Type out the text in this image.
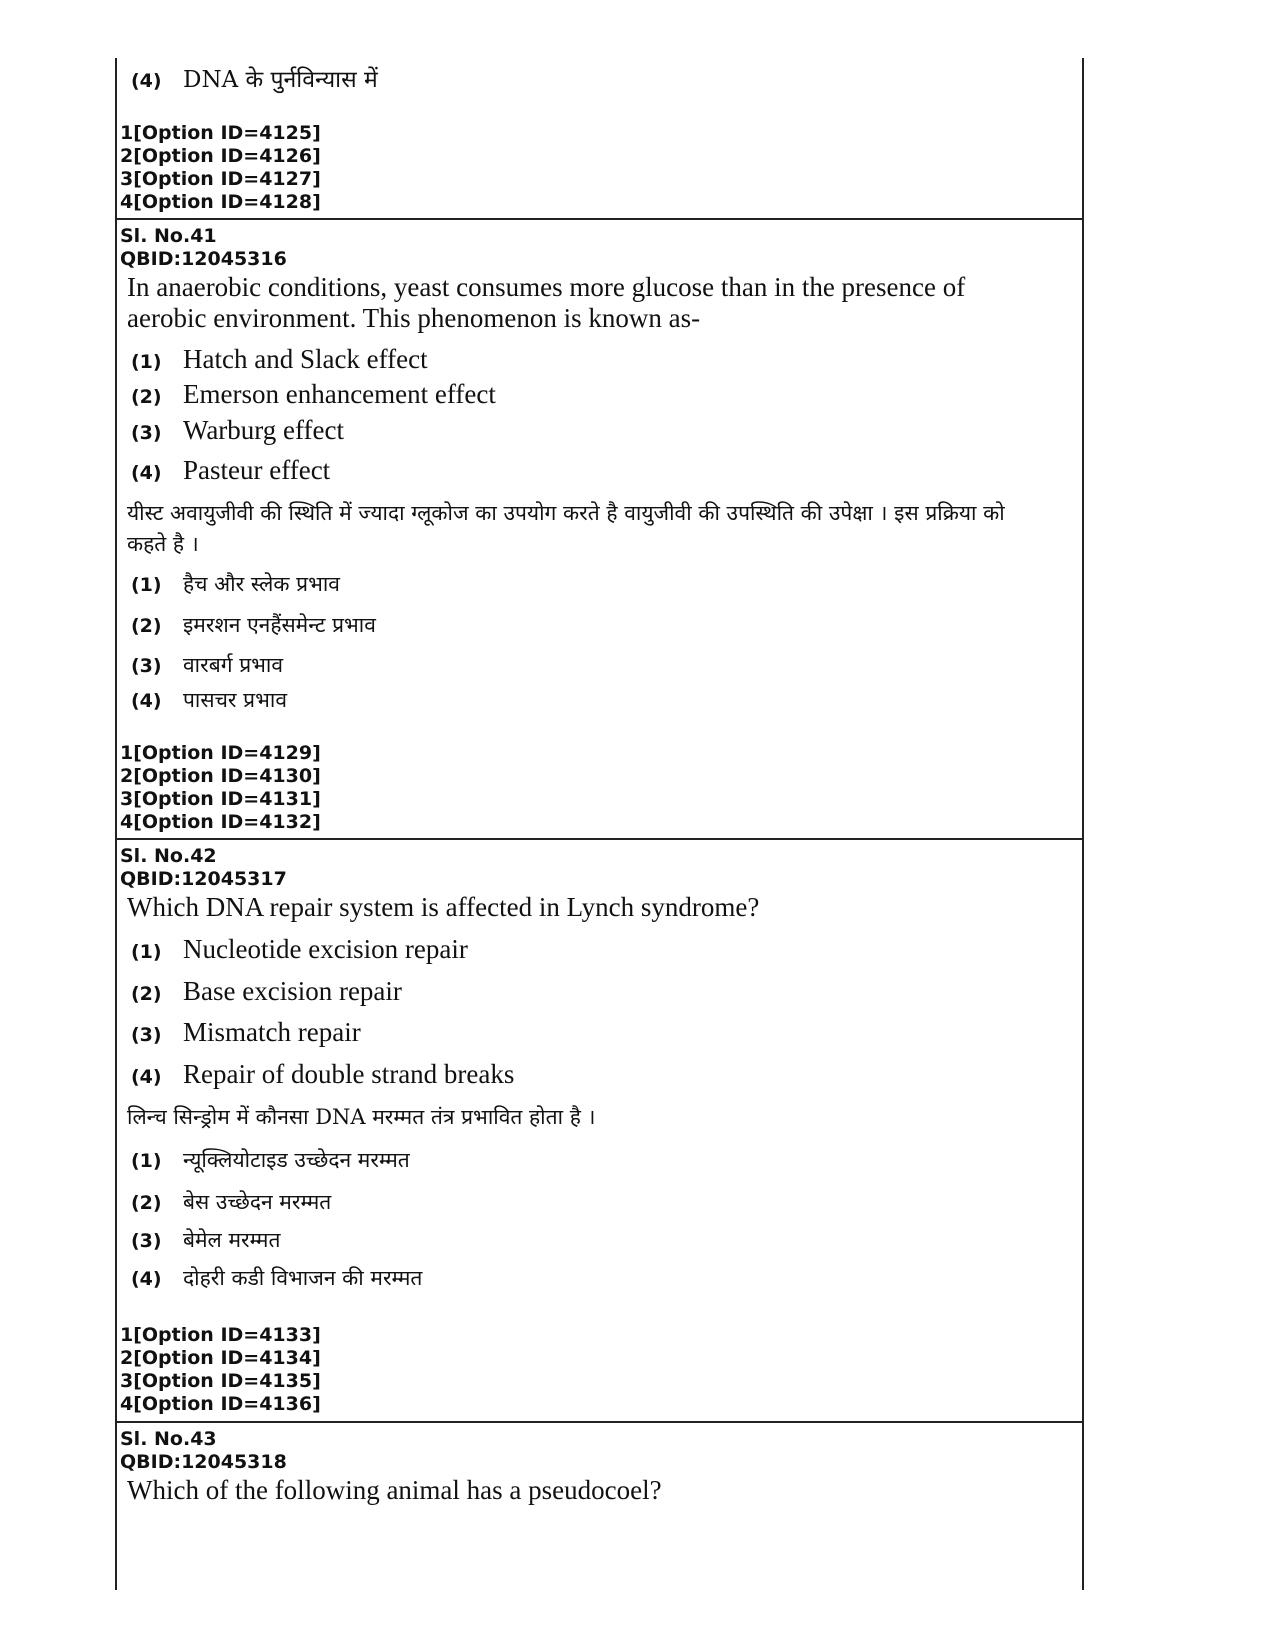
(4) DNA के पुर्नविन्यास में
1[Option ID=4125]
2[Option ID=4126]
3[Option ID=4127]
4[Option ID=4128]
Sl. No.41
QBID:12045316
In anaerobic conditions, yeast consumes more glucose than in the presence of aerobic environment. This phenomenon is known as-
(1) Hatch and Slack effect
(2) Emerson enhancement effect
(3) Warburg effect
(4) Pasteur effect
यीस्ट अवायुजीवी की स्थिति में ज्यादा ग्लूकोज का उपयोग करते है वायुजीवी की उपस्थिति की उपेक्षा । इस प्रक्रिया को कहते है ।
(1)	हैच और स्लेक प्रभाव
(2)	इमरशन एनहैंसमेन्ट प्रभाव
(3)	वारबर्ग प्रभाव
(4)	पासचर प्रभाव
1[Option ID=4129]
2[Option ID=4130]
3[Option ID=4131]
4[Option ID=4132]
Sl. No.42
QBID:12045317
Which DNA repair system is affected in Lynch syndrome?
(1) Nucleotide excision repair
(2) Base excision repair
(3) Mismatch repair
(4) Repair of double strand breaks
लिन्च सिन्ड्रोम में कौनसा DNA मरम्मत तंत्र प्रभावित होता है ।
(1)	न्यूक्लियोटाइड उच्छेदन मरम्मत
(2)	बेस उच्छेदन मरम्मत
(3)	बेमेल मरम्मत
(4)	दोहरी कडी विभाजन की मरम्मत
1[Option ID=4133]
2[Option ID=4134]
3[Option ID=4135]
4[Option ID=4136]
Sl. No.43
QBID:12045318
Which of the following animal has a pseudocoel?
